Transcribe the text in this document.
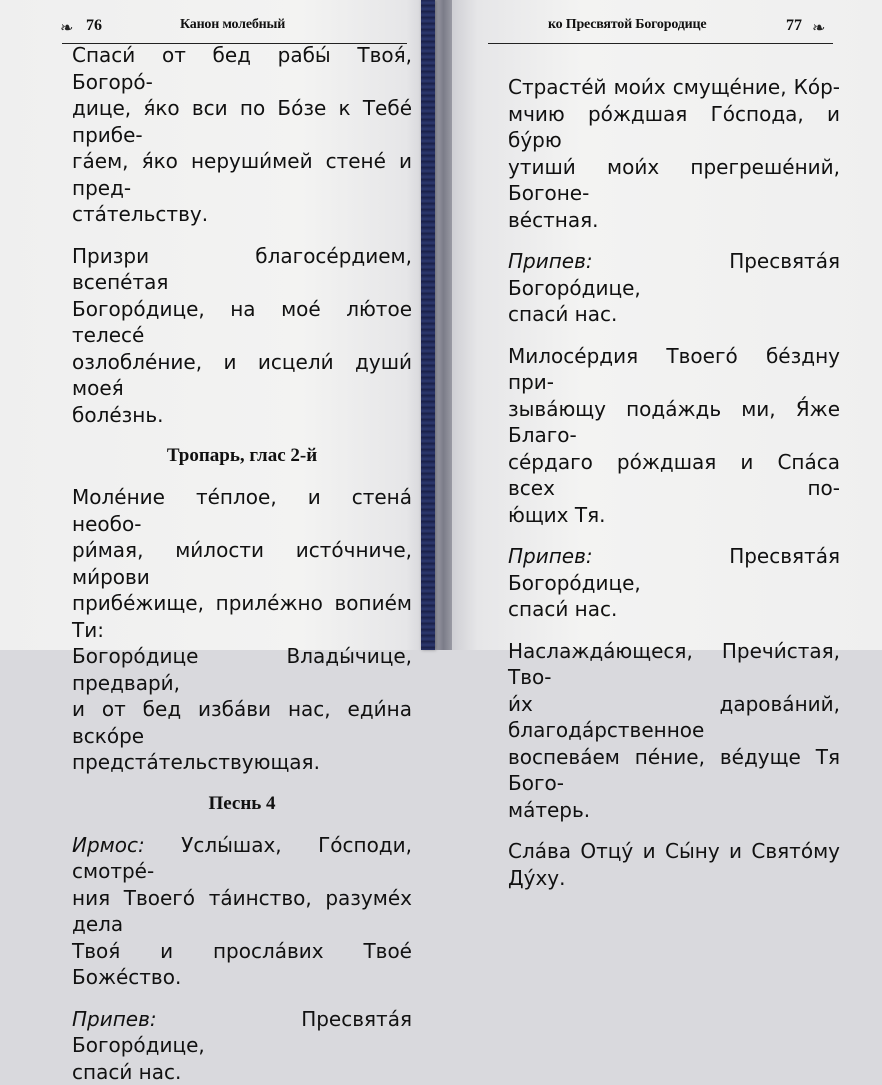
❧ 76	Канон молебный
Спаси́ от бед рабы́ Твоя́, Богоро́-
дице, я́ко вси по Бо́зе к Тебе́ прибе-
га́ем, я́ко неруши́мей стене́ и пред-
ста́тельству.
Призри благосе́рдием, всепе́тая
Богоро́дице, на мое́ лю́тое телесе́
озлобле́ние, и исцели́ души́ моея́
боле́знь.
Тропарь, глас 2-й
Моле́ние те́плое, и стена́ необо-
ри́мая, ми́лости исто́чниче, ми́рови
прибе́жище, приле́жно вопие́м Ти:
Богоро́дице Влады́чице, предвари́,
и от бед изба́ви нас, еди́на вско́ре
предста́тельствующая.
Песнь 4
Ирмос: Услы́шах, Го́споди, смотре́-
ния Твоего́ та́инство, разуме́х дела
Твоя́ и просла́вих Твое́ Боже́ство.
Припев: Пресвята́я Богоро́дице,
спаси́ нас.
ко Пресвятой Богородице	77 ❧
Страсте́й мои́х смуще́ние, Ко́р-
мчию ро́ждшая Го́спода, и бу́рю
утиши́ мои́х прегреше́ний, Богоне-
ве́стная.
Припев: Пресвята́я Богоро́дице,
спаси́ нас.
Милосе́рдия Твоего́ бе́здну при-
зыва́ющу пода́ждь ми, Я́же Благо-
се́рдаго ро́ждшая и Спа́са всех по-
ю́щих Тя.
Припев: Пресвята́я Богоро́дице,
спаси́ нас.
Наслажда́ющеся, Пречи́стая, Тво-
и́х дарова́ний, благода́рственное
воспева́ем пе́ние, ве́дуще Тя Бого-
ма́терь.
Сла́ва Отцу́ и Сы́ну и Свято́му
Ду́ху.
